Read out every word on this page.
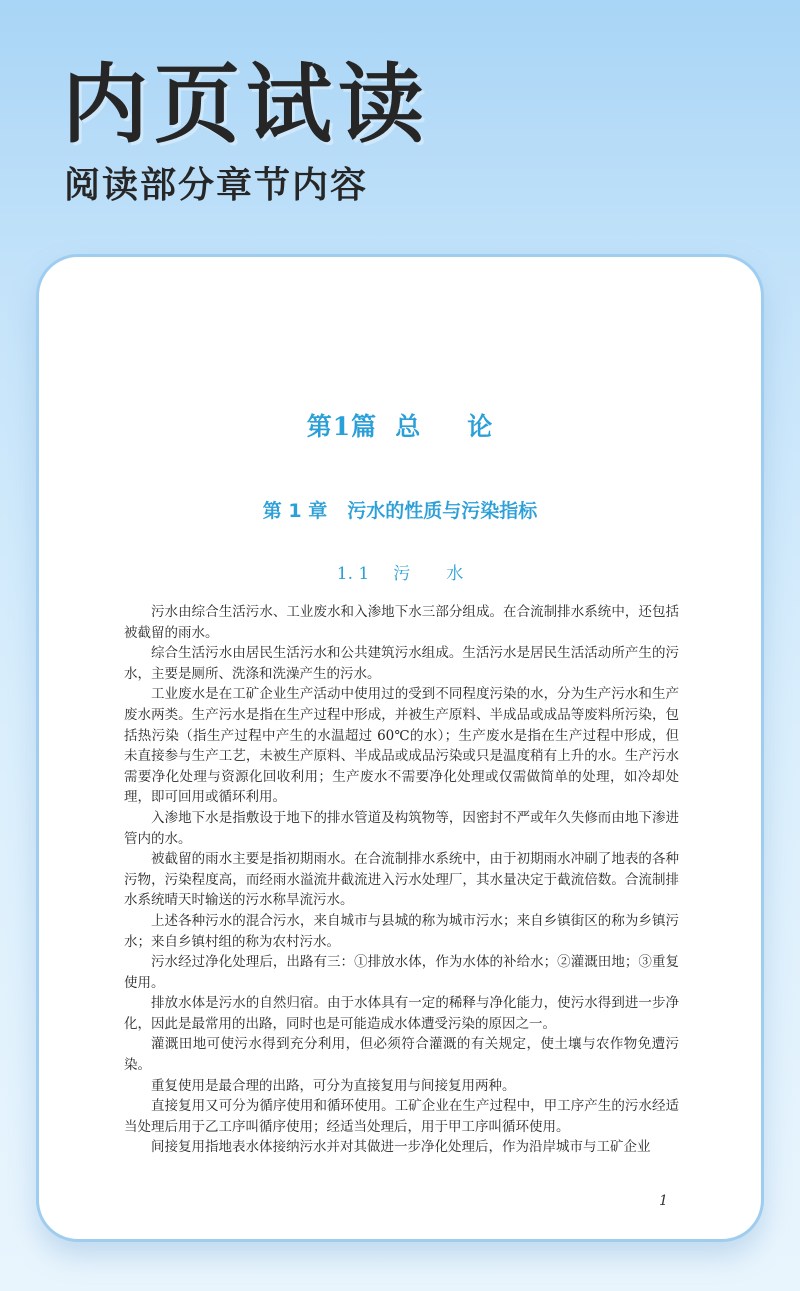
内页试读
阅读部分章节内容
第1篇 总 论
第 1 章 污水的性质与污染指标
1. 1 污 水

污水由综合生活污水、工业废水和入渗地下水三部分组成。在合流制排水系统中，还包括被截留的雨水。

综合生活污水由居民生活污水和公共建筑污水组成。生活污水是居民生活活动所产生的污水，主要是厕所、洗涤和洗澡产生的污水。

工业废水是在工矿企业生产活动中使用过的受到不同程度污染的水，分为生产污水和生产废水两类。生产污水是指在生产过程中形成，并被生产原料、半成品或成品等废料所污染，包括热污染（指生产过程中产生的水温超过 60℃的水）；生产废水是指在生产过程中形成，但未直接参与生产工艺，未被生产原料、半成品或成品污染或只是温度稍有上升的水。生产污水需要净化处理与资源化回收利用；生产废水不需要净化处理或仅需做简单的处理，如冷却处理，即可回用或循环利用。

入渗地下水是指敷设于地下的排水管道及构筑物等，因密封不严或年久失修而由地下渗进管内的水。

被截留的雨水主要是指初期雨水。在合流制排水系统中，由于初期雨水冲刷了地表的各种污物，污染程度高，而经雨水溢流井截流进入污水处理厂，其水量决定于截流倍数。合流制排水系统晴天时输送的污水称旱流污水。

上述各种污水的混合污水，来自城市与县城的称为城市污水；来自乡镇街区的称为乡镇污水；来自乡镇村组的称为农村污水。

污水经过净化处理后，出路有三：①排放水体，作为水体的补给水；②灌溉田地；③重复使用。

排放水体是污水的自然归宿。由于水体具有一定的稀释与净化能力，使污水得到进一步净化，因此是最常用的出路，同时也是可能造成水体遭受污染的原因之一。

灌溉田地可使污水得到充分利用，但必须符合灌溉的有关规定，使土壤与农作物免遭污染。

重复使用是最合理的出路，可分为直接复用与间接复用两种。

直接复用又可分为循序使用和循环使用。工矿企业在生产过程中，甲工序产生的污水经适当处理后用于乙工序叫循序使用；经适当处理后，用于甲工序叫循环使用。

间接复用指地表水体接纳污水并对其做进一步净化处理后，作为沿岸城市与工矿企业

1
